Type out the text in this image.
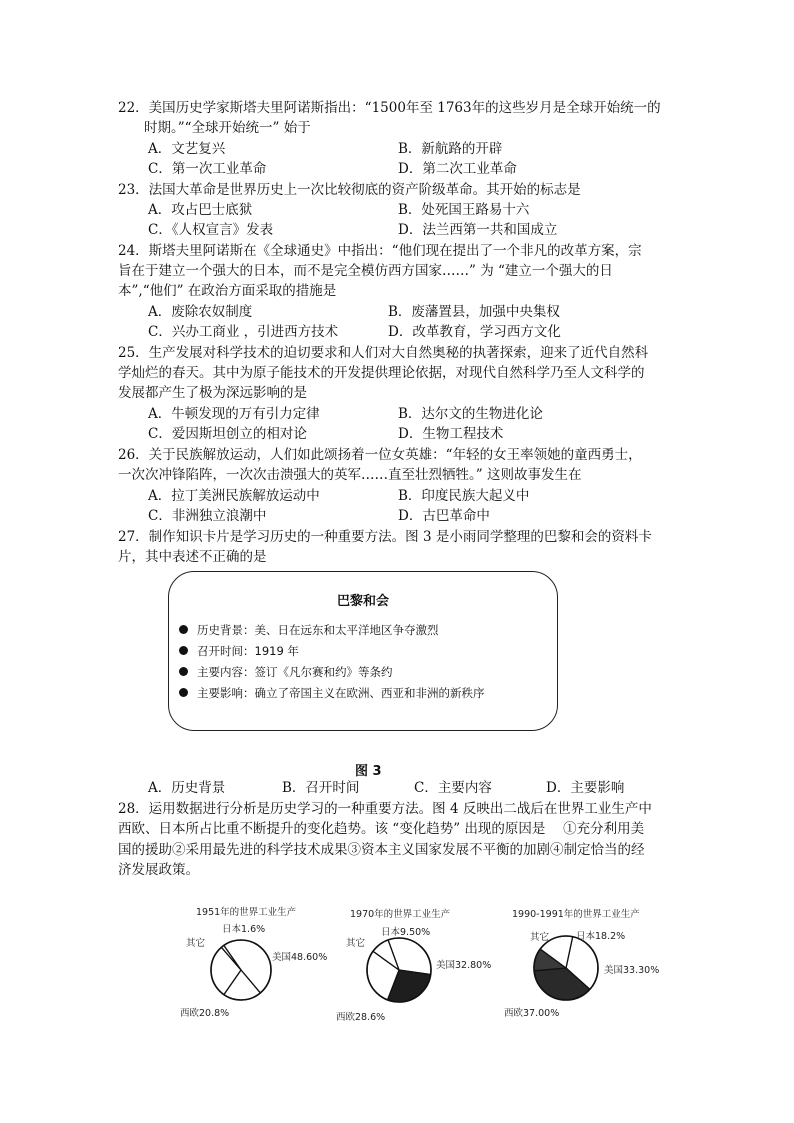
22．美国历史学家斯塔夫里阿诺斯指出：“1500年至 1763年的这些岁月是全球开始统一的
时期。”“全球开始统一” 始于
A．文艺复兴	B．新航路的开辟
C．第一次工业革命	D．第二次工业革命
23．法国大革命是世界历史上一次比较彻底的资产阶级革命。其开始的标志是
A．攻占巴士底狱	B．处死国王路易十六
C．《人权宣言》发表	D．法兰西第一共和国成立
24．斯塔夫里阿诺斯在《全球通史》中指出：“他们现在提出了一个非凡的改革方案，宗
旨在于建立一个强大的日本，而不是完全模仿西方国家……” 为 “建立一个强大的日
本”,“他们” 在政治方面采取的措施是
A．废除农奴制度	B．废藩置县，加强中央集权
C．兴办工商业 ，引进西方技术	D．改革教育，学习西方文化
25．生产发展对科学技术的迫切要求和人们对大自然奥秘的执著探索，迎来了近代自然科
学灿烂的春天。其中为原子能技术的开发提供理论依据，对现代自然科学乃至人文科学的
发展都产生了极为深远影响的是
A．牛顿发现的万有引力定律	B．达尔文的生物进化论
C．爱因斯坦创立的相对论	D．生物工程技术
26．关于民族解放运动，人们如此颂扬着一位女英雄：“年轻的女王率领她的童西勇士，
一次次冲锋陷阵，一次次击溃强大的英军……直至壮烈牺牲。” 这则故事发生在
A．拉丁美洲民族解放运动中	B．印度民族大起义中
C．非洲独立浪潮中	D．古巴革命中
27．制作知识卡片是学习历史的一种重要方法。图 3 是小雨同学整理的巴黎和会的资料卡
片，其中表述不正确的是
巴黎和会
历史背景：美、日在远东和太平洋地区争夺激烈
召开时间：1919 年
主要内容：签订《凡尔赛和约》等条约
主要影响：确立了帝国主义在欧洲、西亚和非洲的新秩序
图 3
A．历史背景	B．召开时间	C．主要内容	D．主要影响
28．运用数据进行分析是历史学习的一种重要方法。图 4 反映出二战后在世界工业生产中
西欧、日本所占比重不断提升的变化趋势。该 “变化趋势” 出现的原因是　 ①充分利用美
国的援助②采用最先进的科学技术成果③资本主义国家发展不平衡的加剧④制定恰当的经
济发展政策。
1951年的世界工业生产	1970年的世界工业生产	1990-1991年的世界工业生产
美国48.60%
西欧20.8%
其它
日本1.6%
美国32.80%
西欧28.6%
其它
日本9.50%
美国33.30%
西欧37.00%
其它	日本18.2%
